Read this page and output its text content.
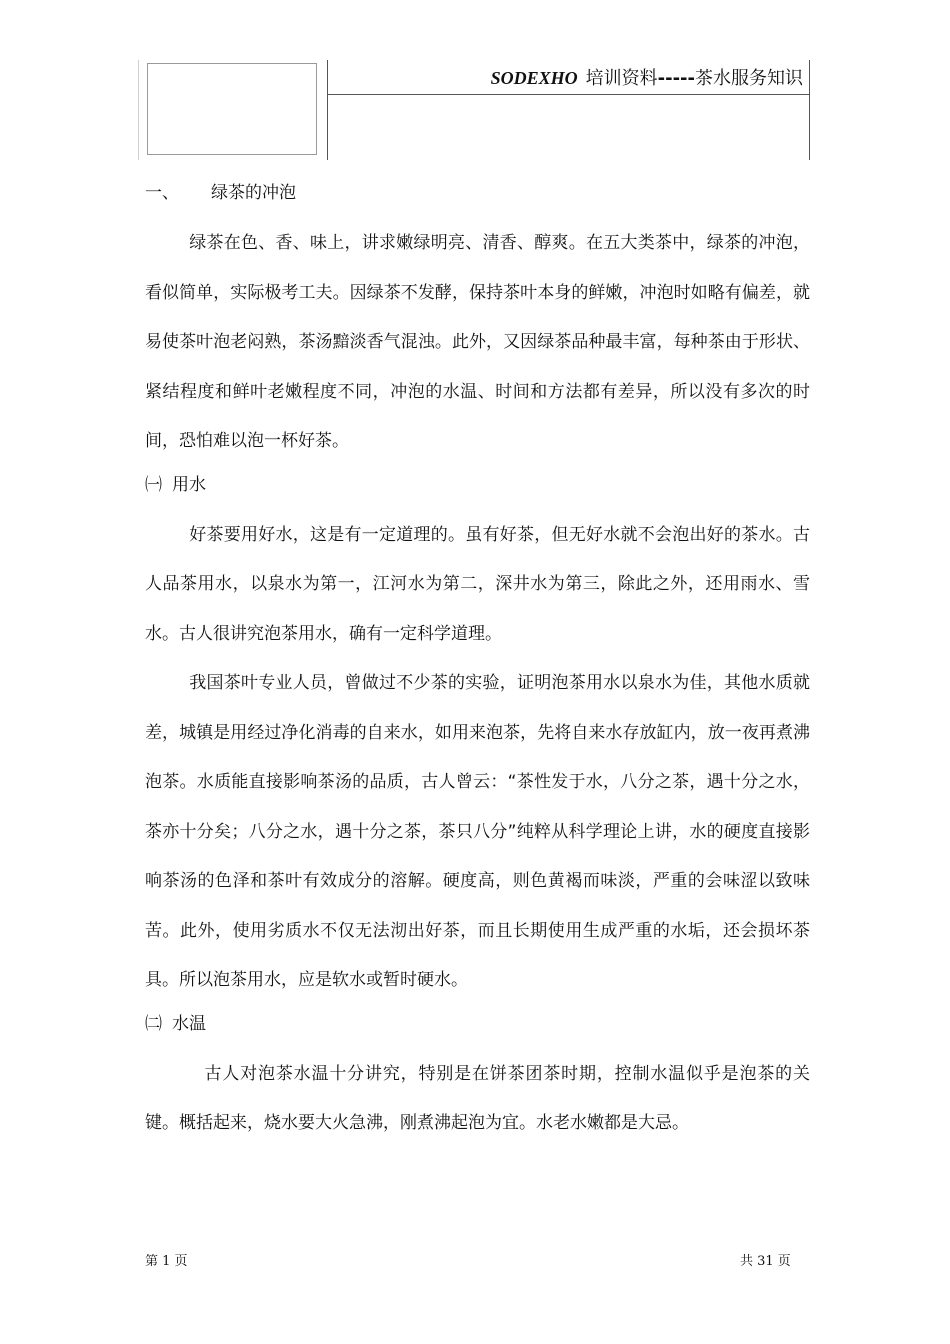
SODEXHO 培训资料-----茶水服务知识
一、 绿茶的冲泡

绿茶在色、香、味上，讲求嫩绿明亮、清香、醇爽。在五大类茶中，绿茶的冲泡，看似简单，实际极考工夫。因绿茶不发酵，保持茶叶本身的鲜嫩，冲泡时如略有偏差，就易使茶叶泡老闷熟，茶汤黯淡香气混浊。此外，又因绿茶品种最丰富，每种茶由于形状、紧结程度和鲜叶老嫩程度不同，冲泡的水温、时间和方法都有差异，所以没有多次的时间，恐怕难以泡一杯好茶。

㈠ 用水

好茶要用好水，这是有一定道理的。虽有好茶，但无好水就不会泡出好的茶水。古人品茶用水，以泉水为第一，江河水为第二，深井水为第三，除此之外，还用雨水、雪水。古人很讲究泡茶用水，确有一定科学道理。

我国茶叶专业人员，曾做过不少茶的实验，证明泡茶用水以泉水为佳，其他水质就差，城镇是用经过净化消毒的自来水，如用来泡茶，先将自来水存放缸内，放一夜再煮沸泡茶。水质能直接影响茶汤的品质，古人曾云：“茶性发于水，八分之茶，遇十分之水，茶亦十分矣；八分之水，遇十分之茶，茶只八分”纯粹从科学理论上讲，水的硬度直接影响茶汤的色泽和茶叶有效成分的溶解。硬度高，则色黄褐而味淡，严重的会味涩以致味苦。此外，使用劣质水不仅无法沏出好茶，而且长期使用生成严重的水垢，还会损坏茶具。所以泡茶用水，应是软水或暂时硬水。

㈡ 水温

古人对泡茶水温十分讲究，特别是在饼茶团茶时期，控制水温似乎是泡茶的关键。概括起来，烧水要大火急沸，刚煮沸起泡为宜。水老水嫩都是大忌。

第 1 页	共 31 页
